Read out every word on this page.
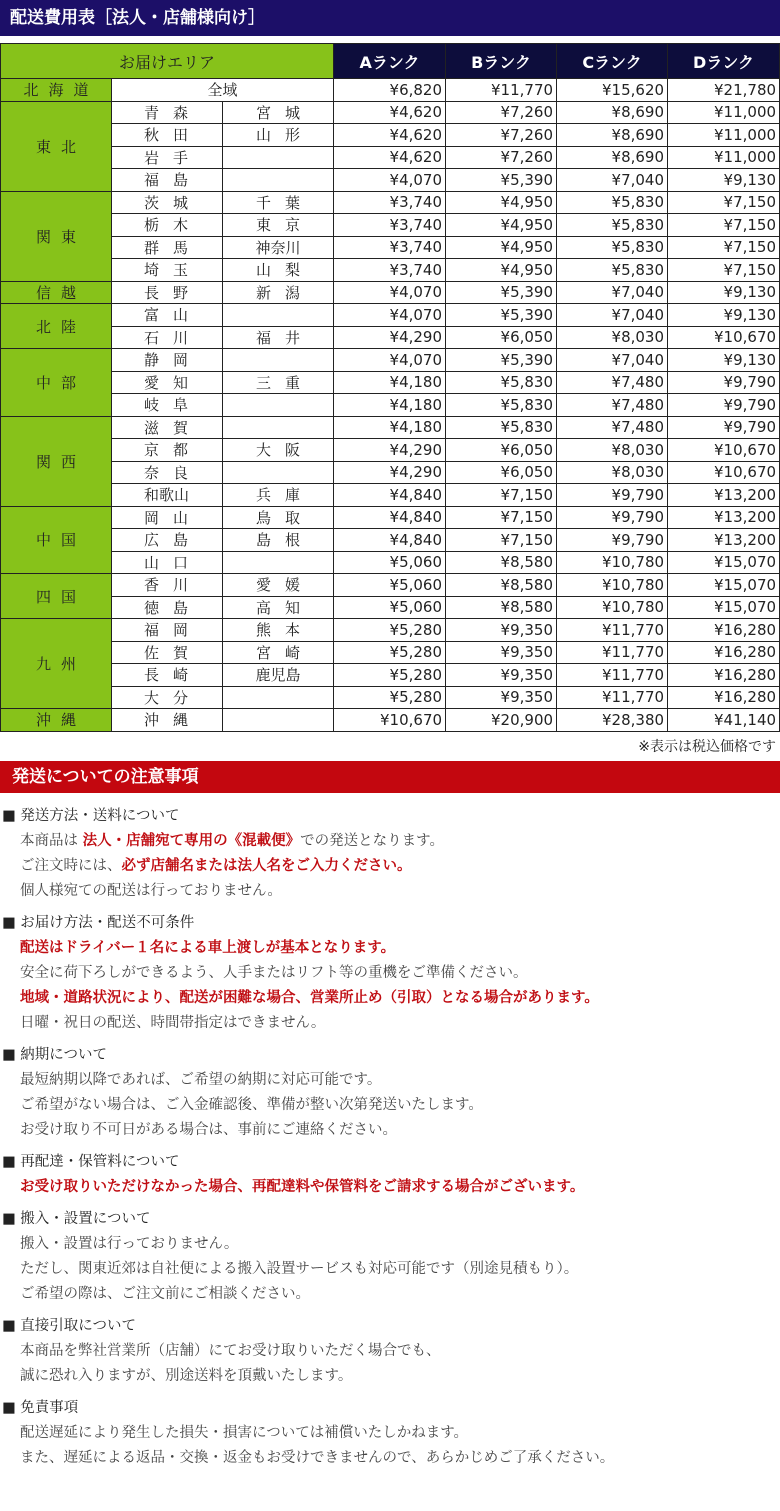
配送費用表［法人・店舗様向け］
お届けエリア			Aランク	Bランク	Cランク	Dランク
北海道	全域		¥6,820	¥11,770	¥15,620	¥21,780
東北	青森	宮城	¥4,620	¥7,260	¥8,690	¥11,000
	秋田	山形	¥4,620	¥7,260	¥8,690	¥11,000
	岩手		¥4,620	¥7,260	¥8,690	¥11,000
	福島		¥4,070	¥5,390	¥7,040	¥9,130
関東	茨城	千葉	¥3,740	¥4,950	¥5,830	¥7,150
	栃木	東京	¥3,740	¥4,950	¥5,830	¥7,150
	群馬	神奈川	¥3,740	¥4,950	¥5,830	¥7,150
	埼玉	山梨	¥3,740	¥4,950	¥5,830	¥7,150
信越	長野	新潟	¥4,070	¥5,390	¥7,040	¥9,130
北陸	富山		¥4,070	¥5,390	¥7,040	¥9,130
	石川	福井	¥4,290	¥6,050	¥8,030	¥10,670
中部	静岡		¥4,070	¥5,390	¥7,040	¥9,130
	愛知	三重	¥4,180	¥5,830	¥7,480	¥9,790
	岐阜		¥4,180	¥5,830	¥7,480	¥9,790
関西	滋賀		¥4,180	¥5,830	¥7,480	¥9,790
	京都	大阪	¥4,290	¥6,050	¥8,030	¥10,670
	奈良		¥4,290	¥6,050	¥8,030	¥10,670
	和歌山	兵庫	¥4,840	¥7,150	¥9,790	¥13,200
中国	岡山	鳥取	¥4,840	¥7,150	¥9,790	¥13,200
	広島	島根	¥4,840	¥7,150	¥9,790	¥13,200
	山口		¥5,060	¥8,580	¥10,780	¥15,070
四国	香川	愛媛	¥5,060	¥8,580	¥10,780	¥15,070
	徳島	高知	¥5,060	¥8,580	¥10,780	¥15,070
九州	福岡	熊本	¥5,280	¥9,350	¥11,770	¥16,280
	佐賀	宮崎	¥5,280	¥9,350	¥11,770	¥16,280
	長崎	鹿児島	¥5,280	¥9,350	¥11,770	¥16,280
	大分		¥5,280	¥9,350	¥11,770	¥16,280
沖縄	沖縄		¥10,670	¥20,900	¥28,380	¥41,140
※表示は税込価格です
発送についての注意事項
■ 発送方法・送料について
本商品は 法人・店舗宛て専用の《混載便》での発送となります。
ご注文時には、必ず店舗名または法人名をご入力ください。
個人様宛ての配送は行っておりません。
■ お届け方法・配送不可条件
配送はドライバー１名による車上渡しが基本となります。
安全に荷下ろしができるよう、人手またはリフト等の重機をご準備ください。
地域・道路状況により、配送が困難な場合、営業所止め（引取）となる場合があります。
日曜・祝日の配送、時間帯指定はできません。
■ 納期について
最短納期以降であれば、ご希望の納期に対応可能です。
ご希望がない場合は、ご入金確認後、準備が整い次第発送いたします。
お受け取り不可日がある場合は、事前にご連絡ください。
■ 再配達・保管料について
お受け取りいただけなかった場合、再配達料や保管料をご請求する場合がございます。
■ 搬入・設置について
搬入・設置は行っておりません。
ただし、関東近郊は自社便による搬入設置サービスも対応可能です（別途見積もり）。
ご希望の際は、ご注文前にご相談ください。
■ 直接引取について
本商品を弊社営業所（店舗）にてお受け取りいただく場合でも、
誠に恐れ入りますが、別途送料を頂戴いたします。
■ 免責事項
配送遅延により発生した損失・損害については補償いたしかねます。
また、遅延による返品・交換・返金もお受けできませんので、あらかじめご了承ください。
